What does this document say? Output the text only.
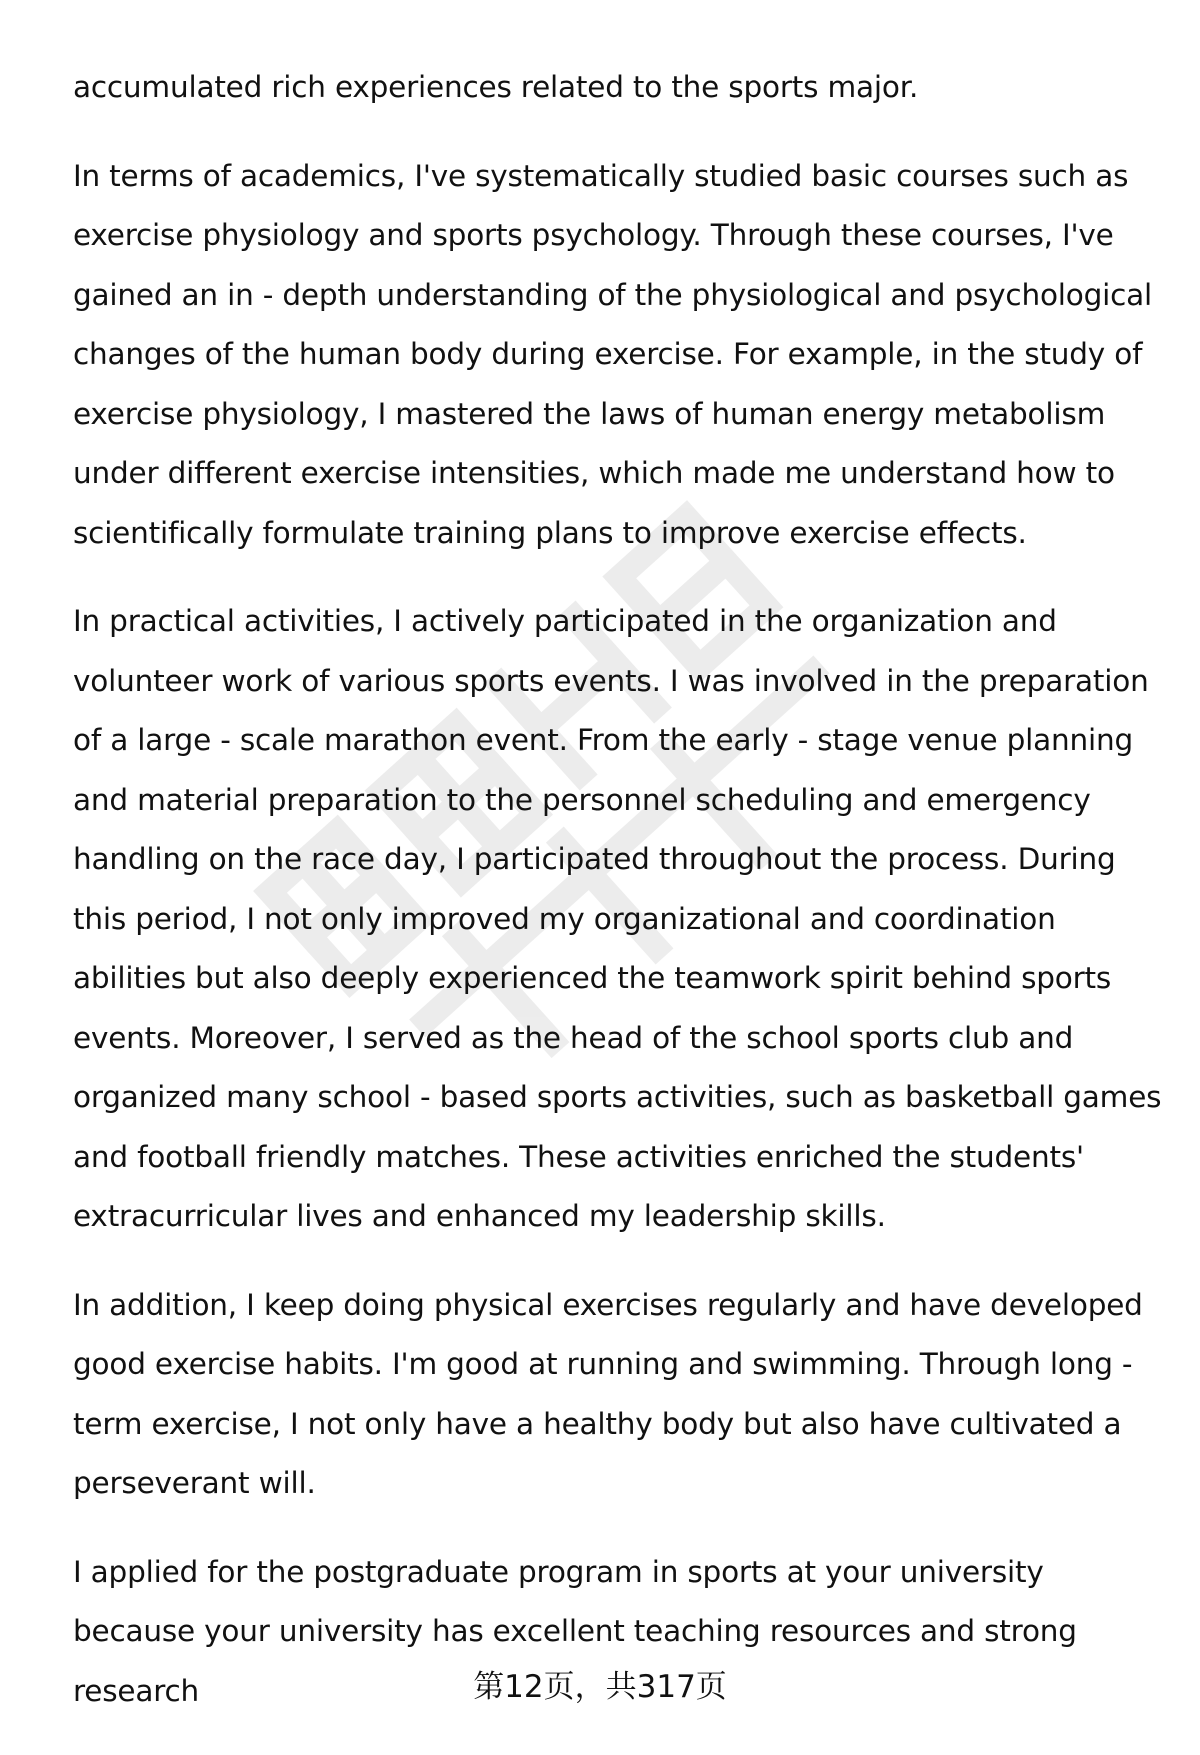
accumulated rich experiences related to the sports major.

In terms of academics, I've systematically studied basic courses such as exercise physiology and sports psychology. Through these courses, I've gained an in - depth understanding of the physiological and psychological changes of the human body during exercise. For example, in the study of exercise physiology, I mastered the laws of human energy metabolism under different exercise intensities, which made me understand how to scientifically formulate training plans to improve exercise effects.

In practical activities, I actively participated in the organization and volunteer work of various sports events. I was involved in the preparation of a large - scale marathon event. From the early - stage venue planning and material preparation to the personnel scheduling and emergency handling on the race day, I participated throughout the process. During this period, I not only improved my organizational and coordination abilities but also deeply experienced the teamwork spirit behind sports events. Moreover, I served as the head of the school sports club and organized many school - based sports activities, such as basketball games and football friendly matches. These activities enriched the students' extracurricular lives and enhanced my leadership skills.

In addition, I keep doing physical exercises regularly and have developed good exercise habits. I'm good at running and swimming. Through long - term exercise, I not only have a healthy body but also have cultivated a perseverant will.

I applied for the postgraduate program in sports at your university because your university has excellent teaching resources and strong research	第12页，共317页
